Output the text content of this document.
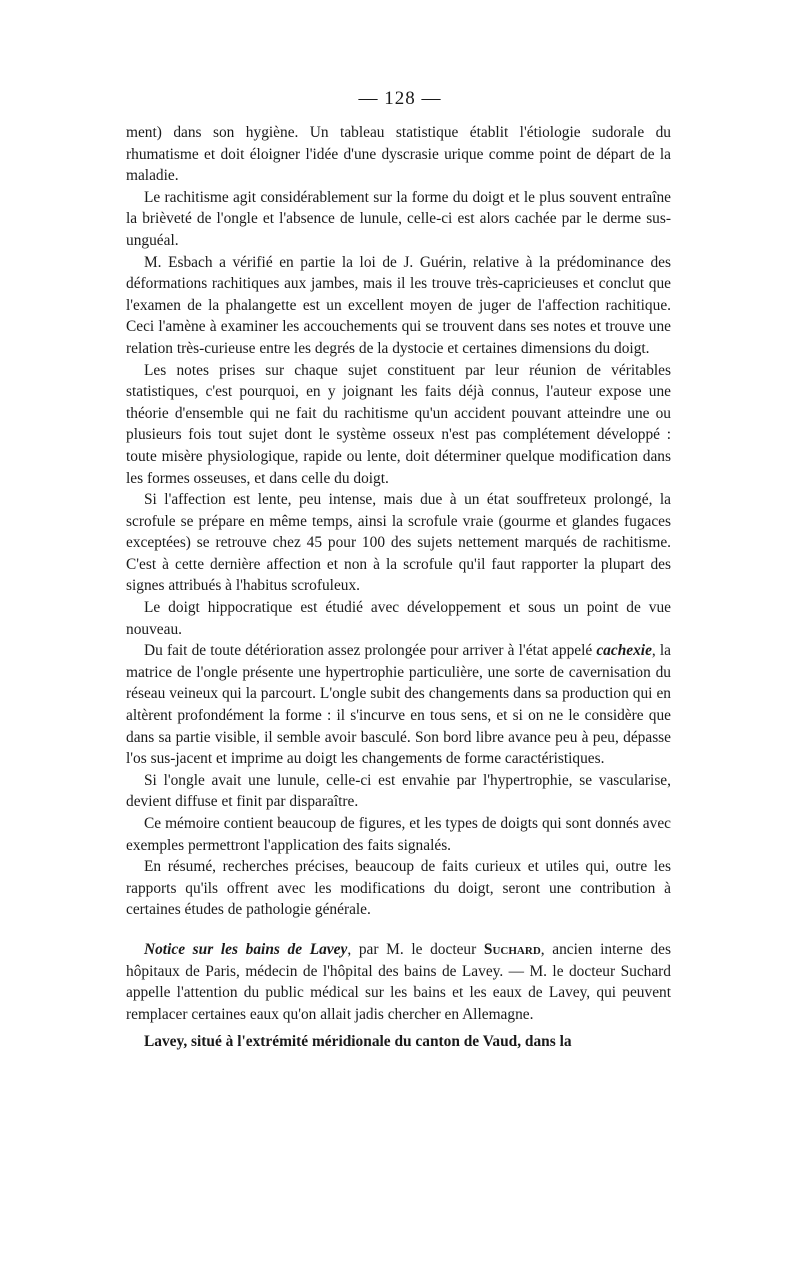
— 128 —

ment) dans son hygiène. Un tableau statistique établit l'étiologie sudorale du rhumatisme et doit éloigner l'idée d'une dyscrasie urique comme point de départ de la maladie.

Le rachitisme agit considérablement sur la forme du doigt et le plus souvent entraîne la brièveté de l'ongle et l'absence de lunule, celle-ci est alors cachée par le derme sus-unguéal.

M. Esbach a vérifié en partie la loi de J. Guérin, relative à la prédominance des déformations rachitiques aux jambes, mais il les trouve très-capricieuses et conclut que l'examen de la phalangette est un excellent moyen de juger de l'affection rachitique. Ceci l'amène à examiner les accouchements qui se trouvent dans ses notes et trouve une relation très-curieuse entre les degrés de la dystocie et certaines dimensions du doigt.

Les notes prises sur chaque sujet constituent par leur réunion de véritables statistiques, c'est pourquoi, en y joignant les faits déjà connus, l'auteur expose une théorie d'ensemble qui ne fait du rachitisme qu'un accident pouvant atteindre une ou plusieurs fois tout sujet dont le système osseux n'est pas complétement développé : toute misère physiologique, rapide ou lente, doit déterminer quelque modification dans les formes osseuses, et dans celle du doigt.

Si l'affection est lente, peu intense, mais due à un état souffreteux prolongé, la scrofule se prépare en même temps, ainsi la scrofule vraie (gourme et glandes fugaces exceptées) se retrouve chez 45 pour 100 des sujets nettement marqués de rachitisme. C'est à cette dernière affection et non à la scrofule qu'il faut rapporter la plupart des signes attribués à l'habitus scrofuleux.

Le doigt hippocratique est étudié avec développement et sous un point de vue nouveau.

Du fait de toute détérioration assez prolongée pour arriver à l'état appelé cachexie, la matrice de l'ongle présente une hypertrophie particulière, une sorte de cavernisation du réseau veineux qui la parcourt. L'ongle subit des changements dans sa production qui en altèrent profondément la forme : il s'incurve en tous sens, et si on ne le considère que dans sa partie visible, il semble avoir basculé. Son bord libre avance peu à peu, dépasse l'os sus-jacent et imprime au doigt les changements de forme caractéristiques.

Si l'ongle avait une lunule, celle-ci est envahie par l'hypertrophie, se vascularise, devient diffuse et finit par disparaître.

Ce mémoire contient beaucoup de figures, et les types de doigts qui sont donnés avec exemples permettront l'application des faits signalés.

En résumé, recherches précises, beaucoup de faits curieux et utiles qui, outre les rapports qu'ils offrent avec les modifications du doigt, seront une contribution à certaines études de pathologie générale.

Notice sur les bains de Lavey, par M. le docteur Suchard, ancien interne des hôpitaux de Paris, médecin de l'hôpital des bains de Lavey. — M. le docteur Suchard appelle l'attention du public médical sur les bains et les eaux de Lavey, qui peuvent remplacer certaines eaux qu'on allait jadis chercher en Allemagne.

Lavey, situé à l'extrémité méridionale du canton de Vaud, dans la
